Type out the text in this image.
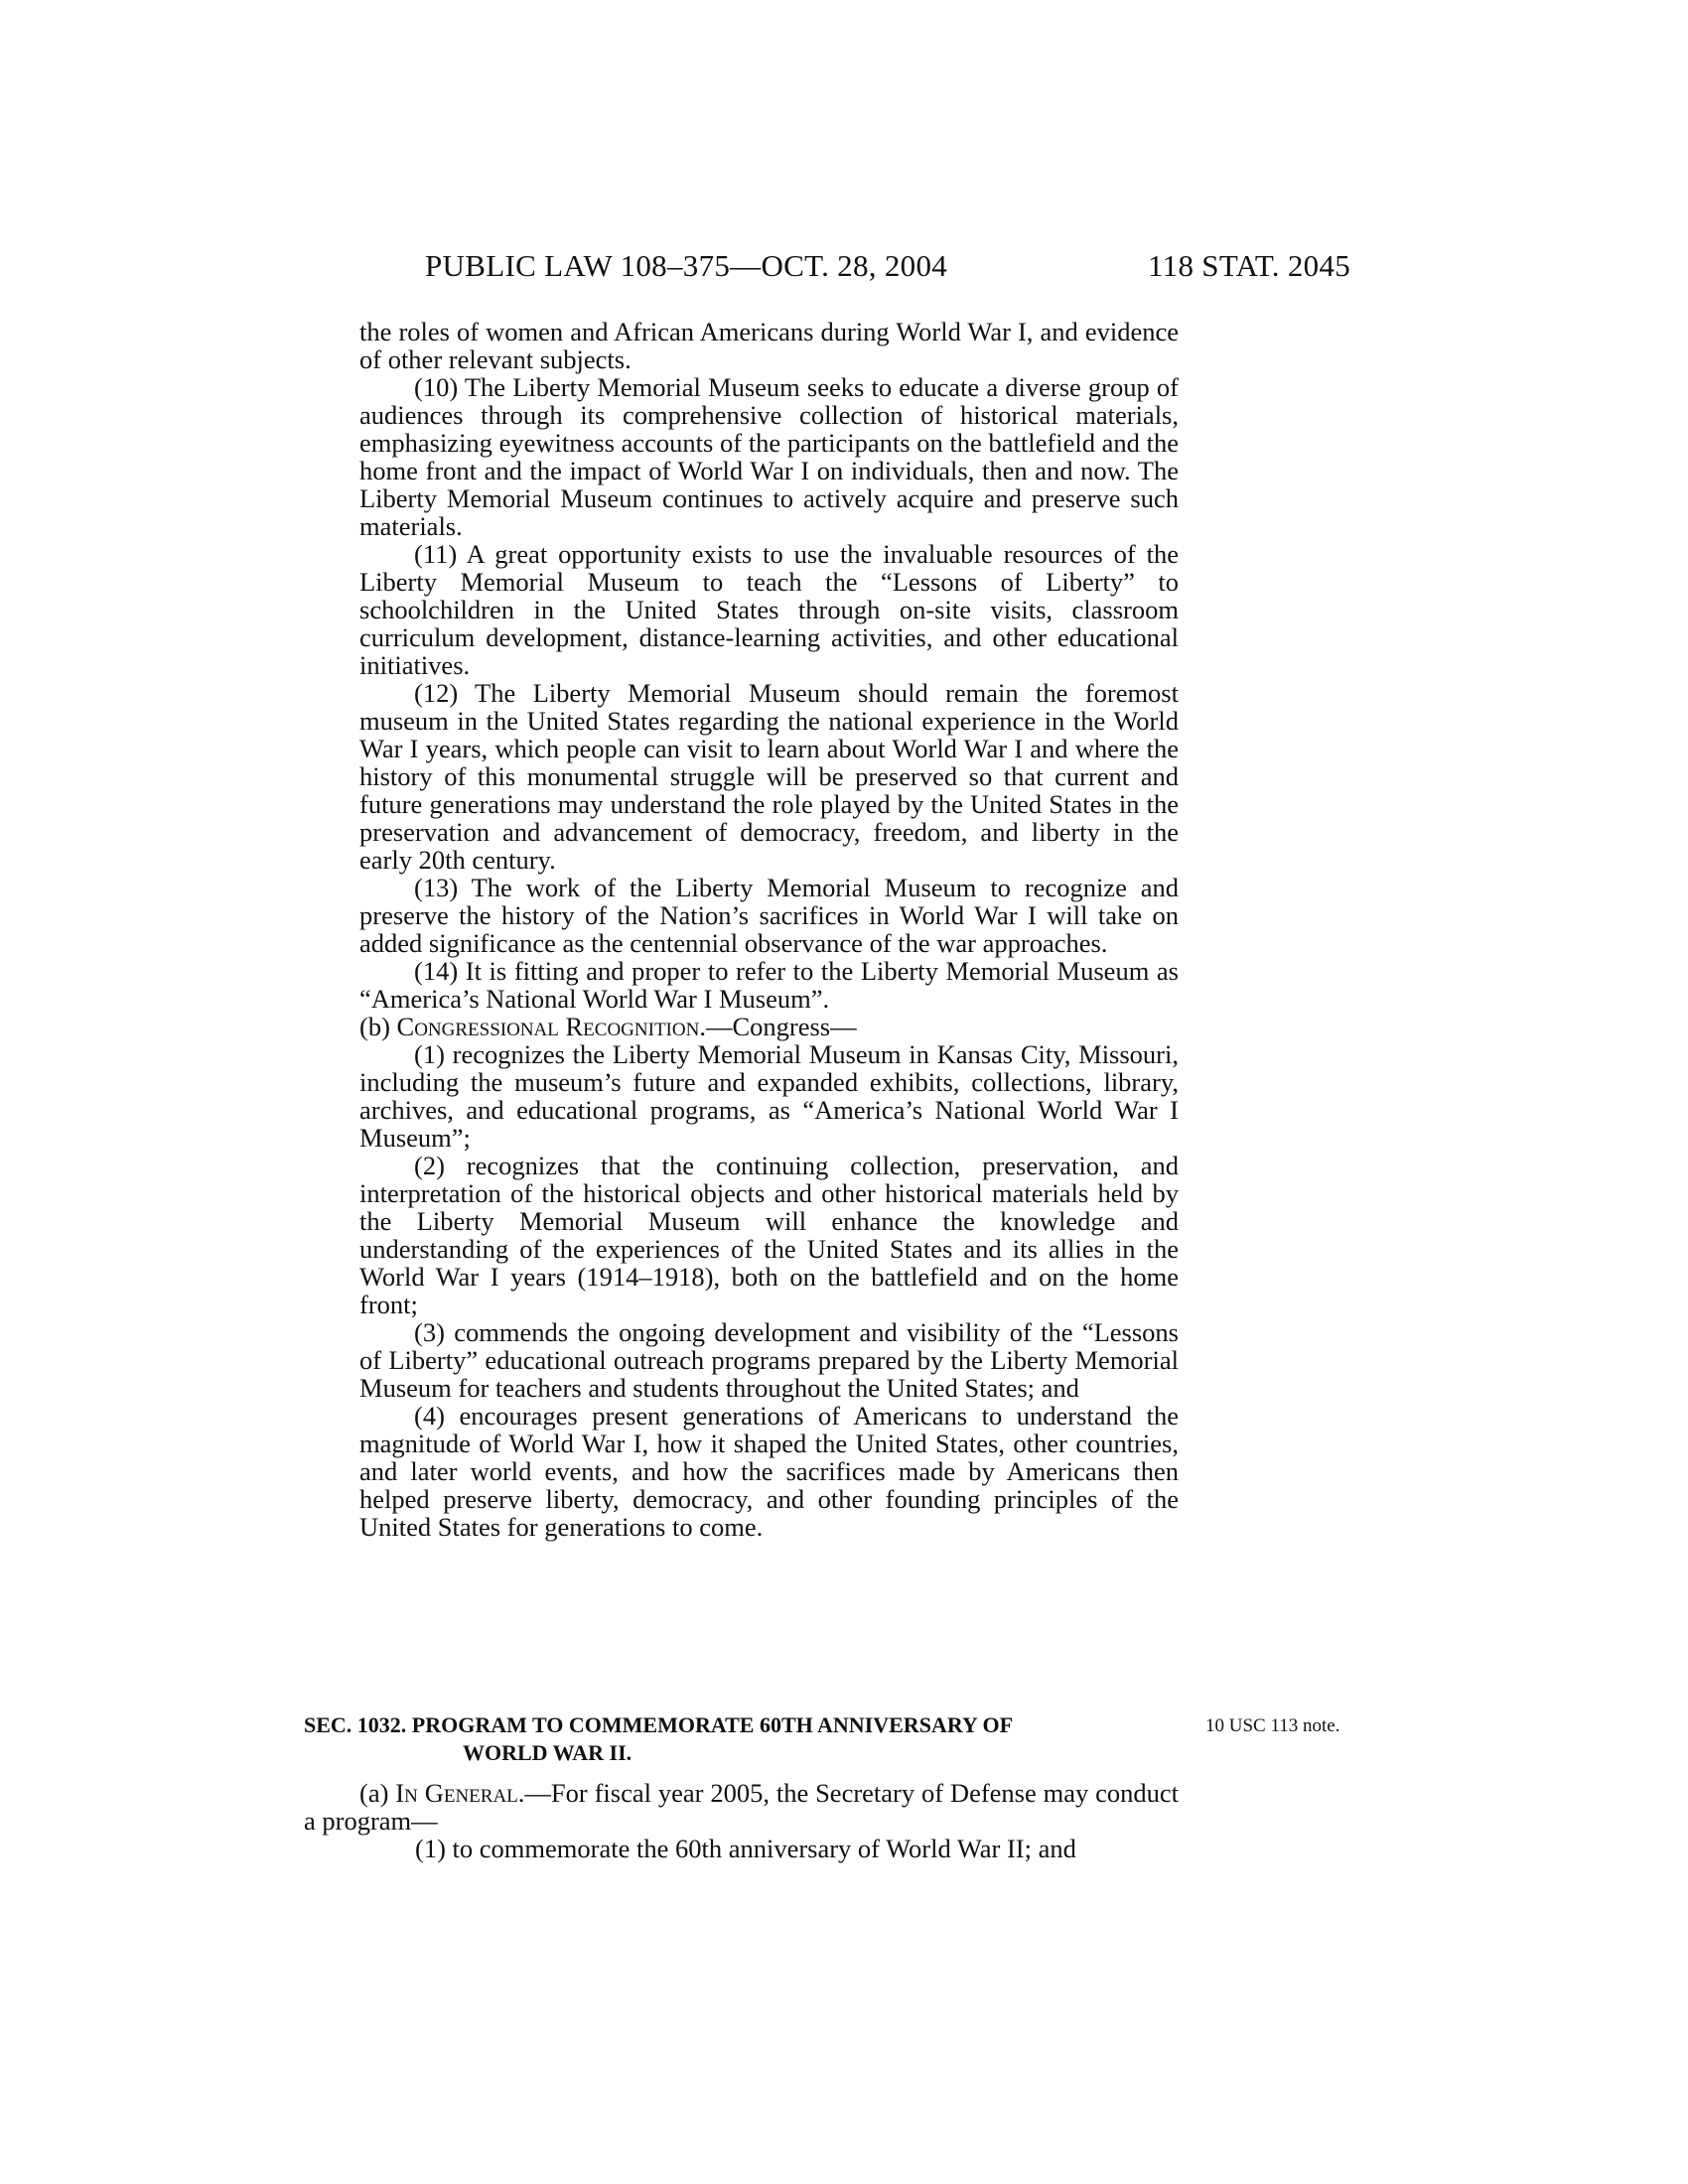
PUBLIC LAW 108–375—OCT. 28, 2004	118 STAT. 2045

the roles of women and African Americans during World War I, and evidence of other relevant subjects.

(10) The Liberty Memorial Museum seeks to educate a diverse group of audiences through its comprehensive collection of historical materials, emphasizing eyewitness accounts of the participants on the battlefield and the home front and the impact of World War I on individuals, then and now. The Liberty Memorial Museum continues to actively acquire and preserve such materials.

(11) A great opportunity exists to use the invaluable resources of the Liberty Memorial Museum to teach the “Lessons of Liberty” to schoolchildren in the United States through on-site visits, classroom curriculum development, distance-learning activities, and other educational initiatives.

(12) The Liberty Memorial Museum should remain the foremost museum in the United States regarding the national experience in the World War I years, which people can visit to learn about World War I and where the history of this monumental struggle will be preserved so that current and future generations may understand the role played by the United States in the preservation and advancement of democracy, freedom, and liberty in the early 20th century.

(13) The work of the Liberty Memorial Museum to recognize and preserve the history of the Nation’s sacrifices in World War I will take on added significance as the centennial observance of the war approaches.

(14) It is fitting and proper to refer to the Liberty Memorial Museum as “America’s National World War I Museum”.

(b) Congressional Recognition.—Congress—

(1) recognizes the Liberty Memorial Museum in Kansas City, Missouri, including the museum’s future and expanded exhibits, collections, library, archives, and educational programs, as “America’s National World War I Museum”;

(2) recognizes that the continuing collection, preservation, and interpretation of the historical objects and other historical materials held by the Liberty Memorial Museum will enhance the knowledge and understanding of the experiences of the United States and its allies in the World War I years (1914–1918), both on the battlefield and on the home front;

(3) commends the ongoing development and visibility of the “Lessons of Liberty” educational outreach programs prepared by the Liberty Memorial Museum for teachers and students throughout the United States; and

(4) encourages present generations of Americans to understand the magnitude of World War I, how it shaped the United States, other countries, and later world events, and how the sacrifices made by Americans then helped preserve liberty, democracy, and other founding principles of the United States for generations to come.

SEC. 1032. PROGRAM TO COMMEMORATE 60TH ANNIVERSARY OF
WORLD WAR II.
10 USC 113 note.

(a) In General.—For fiscal year 2005, the Secretary of Defense may conduct a program—

(1) to commemorate the 60th anniversary of World War II; and
